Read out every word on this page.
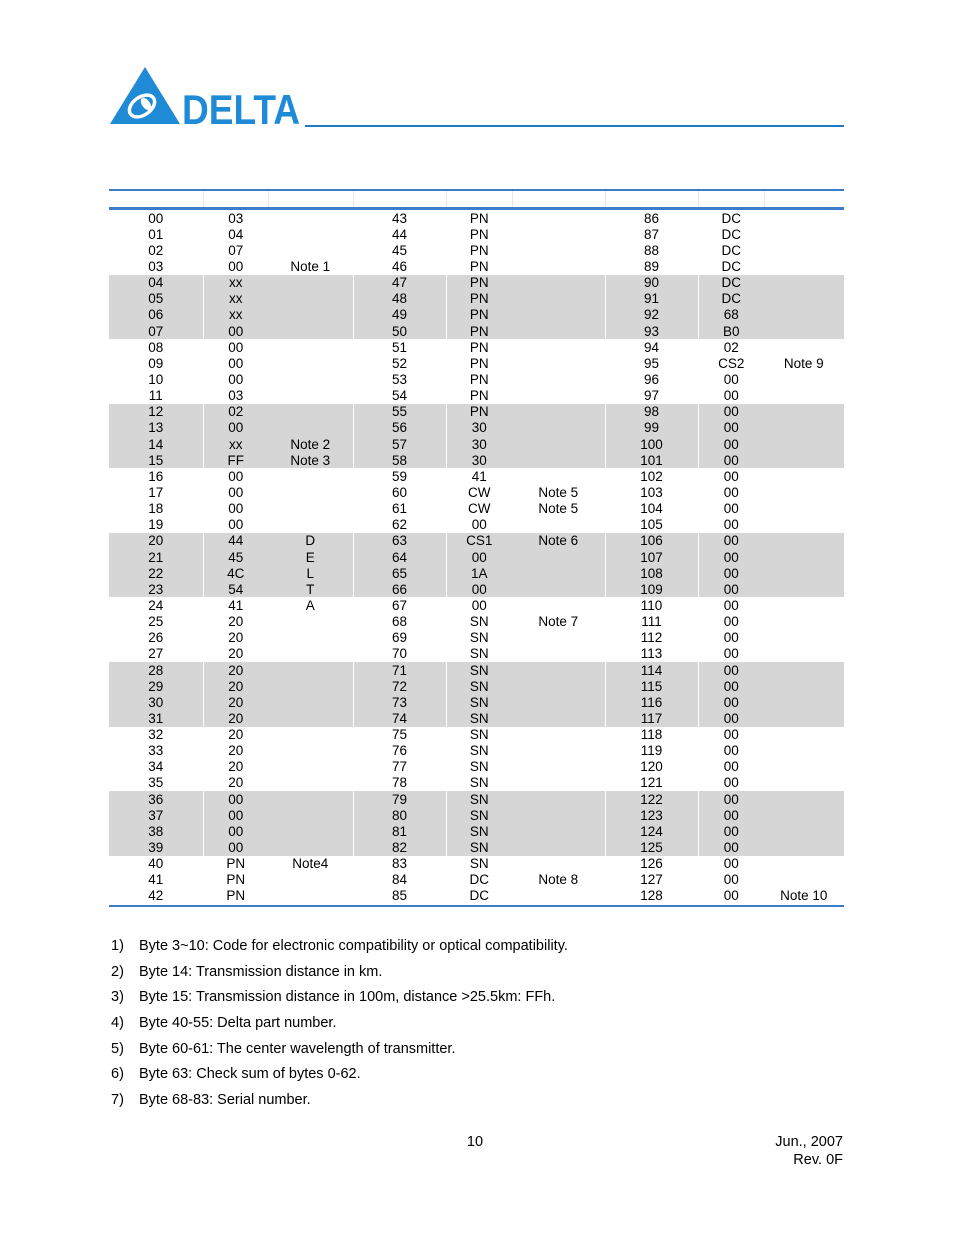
DELTA
00	03		43	PN		86	DC	
01	04		44	PN		87	DC	
02	07		45	PN		88	DC	
03	00	Note 1	46	PN		89	DC	
04	xx		47	PN		90	DC	
05	xx		48	PN		91	DC	
06	xx		49	PN		92	68	
07	00		50	PN		93	B0	
08	00		51	PN		94	02	
09	00		52	PN		95	CS2	Note 9
10	00		53	PN		96	00	
11	03		54	PN		97	00	
12	02		55	PN		98	00	
13	00		56	30		99	00	
14	xx	Note 2	57	30		100	00	
15	FF	Note 3	58	30		101	00	
16	00		59	41		102	00	
17	00		60	CW	Note 5	103	00	
18	00		61	CW	Note 5	104	00	
19	00		62	00		105	00	
20	44	D	63	CS1	Note 6	106	00	
21	45	E	64	00		107	00	
22	4C	L	65	1A		108	00	
23	54	T	66	00		109	00	
24	41	A	67	00		110	00	
25	20		68	SN	Note 7	111	00	
26	20		69	SN		112	00	
27	20		70	SN		113	00	
28	20		71	SN		114	00	
29	20		72	SN		115	00	
30	20		73	SN		116	00	
31	20		74	SN		117	00	
32	20		75	SN		118	00	
33	20		76	SN		119	00	
34	20		77	SN		120	00	
35	20		78	SN		121	00	
36	00		79	SN		122	00	
37	00		80	SN		123	00	
38	00		81	SN		124	00	
39	00		82	SN		125	00	
40	PN	Note4	83	SN		126	00	
41	PN		84	DC	Note 8	127	00	
42	PN		85	DC		128	00	Note 10
1) Byte 3~10: Code for electronic compatibility or optical compatibility.
2) Byte 14: Transmission distance in km.
3) Byte 15: Transmission distance in 100m, distance >25.5km: FFh.
4) Byte 40-55: Delta part number.
5) Byte 60-61: The center wavelength of transmitter.
6) Byte 63: Check sum of bytes 0-62.
7) Byte 68-83: Serial number.
10	Jun., 2007
Rev. 0F
